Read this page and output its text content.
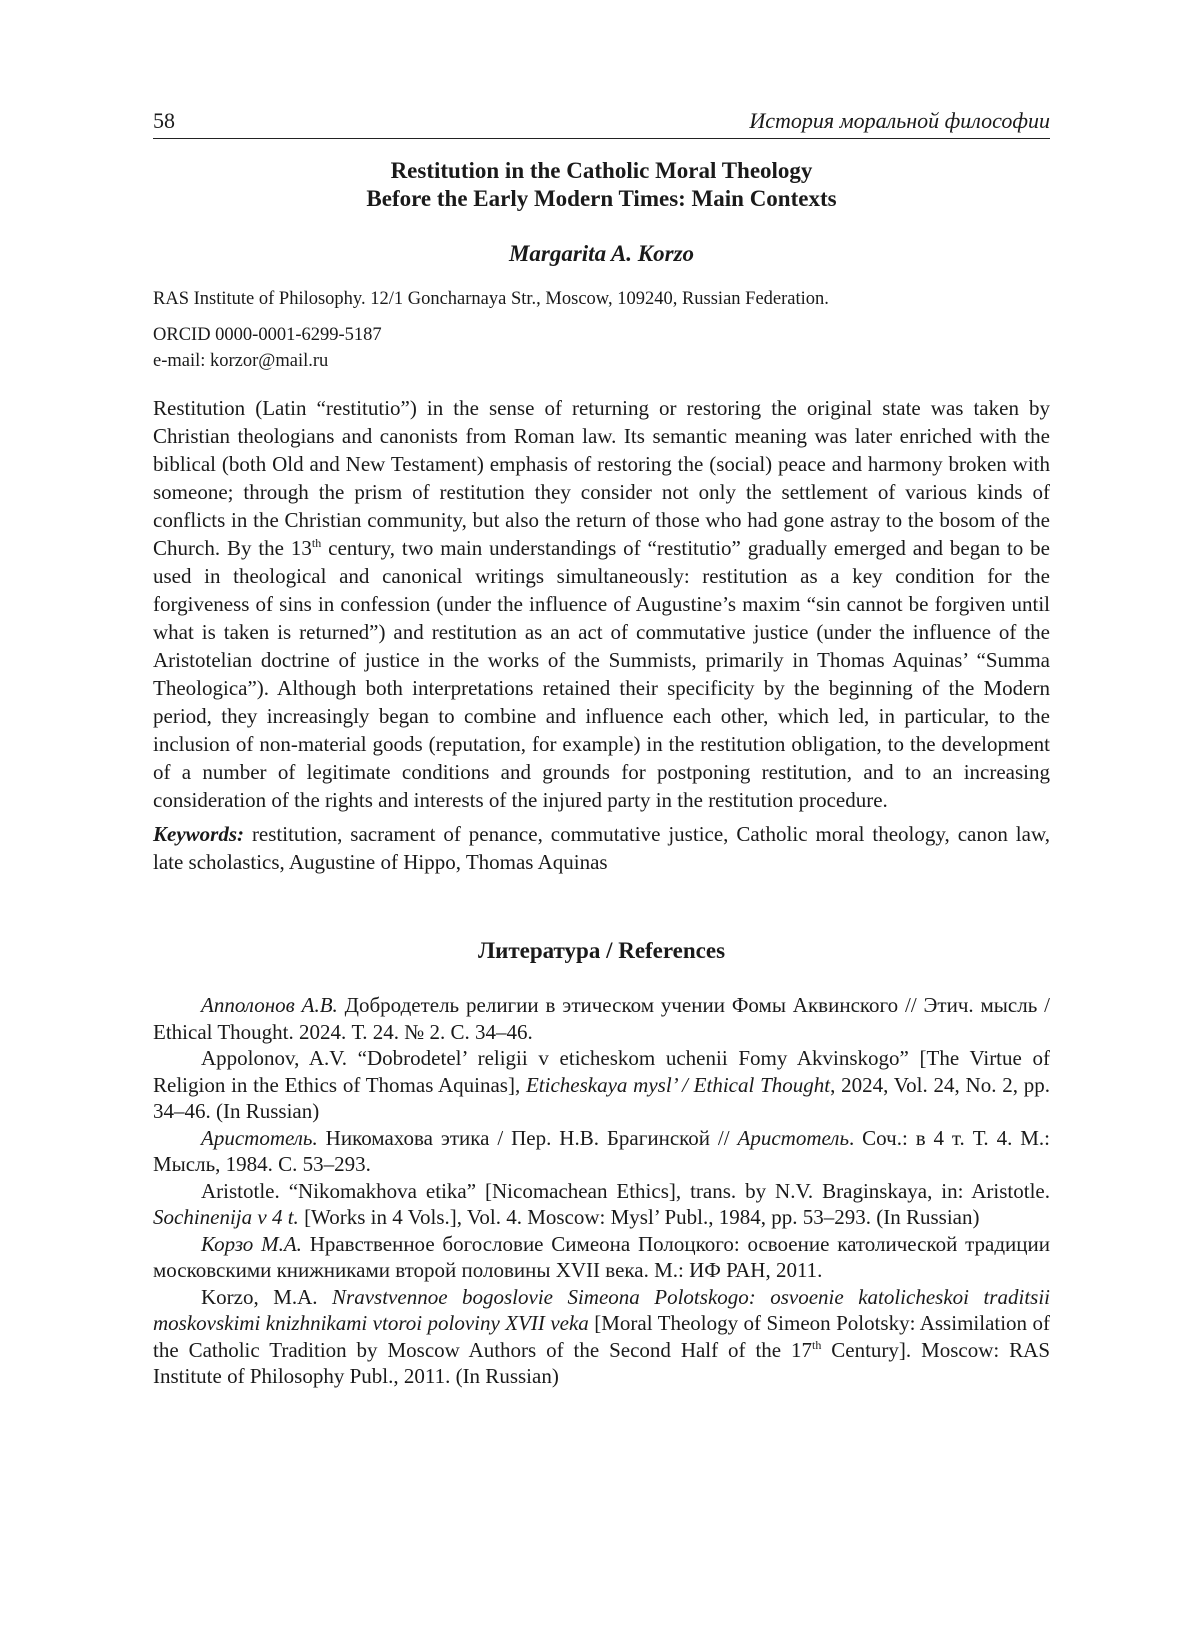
58	История моральной философии
Restitution in the Catholic Moral Theology
Before the Early Modern Times: Main Contexts
Margarita A. Korzo
RAS Institute of Philosophy. 12/1 Goncharnaya Str., Moscow, 109240, Russian Federation.
ORCID 0000-0001-6299-5187
e-mail: korzor@mail.ru

Restitution (Latin “restitutio”) in the sense of returning or restoring the original state was taken by Christian theologians and canonists from Roman law. Its semantic meaning was later enriched with the biblical (both Old and New Testament) emphasis of restoring the (social) peace and harmony broken with someone; through the prism of restitution they consider not only the settlement of various kinds of conflicts in the Christian community, but also the return of those who had gone astray to the bosom of the Church. By the 13th century, two main understandings of “restitutio” gradually emerged and began to be used in theological and canonical writings simultaneously: restitution as a key condition for the forgiveness of sins in confession (under the influence of Augustine’s maxim “sin cannot be forgiven until what is taken is returned”) and restitution as an act of commutative justice (under the influence of the Aristotelian doctrine of justice in the works of the Summists, primarily in Thomas Aquinas’ “Summa Theologica”). Although both interpretations retained their specificity by the beginning of the Modern period, they increasingly began to combine and influence each other, which led, in particular, to the inclusion of non-material goods (reputation, for example) in the restitution obligation, to the development of a number of legitimate conditions and grounds for postponing restitution, and to an increasing consideration of the rights and interests of the injured party in the restitution procedure.

Keywords: restitution, sacrament of penance, commutative justice, Catholic moral theology, canon law, late scholastics, Augustine of Hippo, Thomas Aquinas

Литература / References
Апполонов А.В. Добродетель религии в этическом учении Фомы Аквинского // Этич. мысль / Ethical Thought. 2024. Т. 24. № 2. С. 34–46.
Appolonov, A.V. “Dobrodetel’ religii v eticheskom uchenii Fomy Akvinskogo” [The Virtue of Religion in the Ethics of Thomas Aquinas], Eticheskaya mysl’ / Ethical Thought, 2024, Vol. 24, No. 2, pp. 34–46. (In Russian)
Аристотель. Никомахова этика / Пер. Н.В. Брагинской // Аристотель. Соч.: в 4 т. Т. 4. М.: Мысль, 1984. С. 53–293.
Aristotle. “Nikomakhova etika” [Nicomachean Ethics], trans. by N.V. Braginskaya, in: Aristotle. Sochinenija v 4 t. [Works in 4 Vols.], Vol. 4. Moscow: Mysl’ Publ., 1984, pp. 53–293. (In Russian)
Корзо М.А. Нравственное богословие Симеона Полоцкого: освоение католической традиции московскими книжниками второй половины XVII века. М.: ИФ РАН, 2011.
Korzo, M.A. Nravstvennoe bogoslovie Simeona Polotskogo: osvoenie katolicheskoi traditsii moskovskimi knizhnikami vtoroi poloviny XVII veka [Moral Theology of Simeon Polotsky: Assimilation of the Catholic Tradition by Moscow Authors of the Second Half of the 17th Century]. Moscow: RAS Institute of Philosophy Publ., 2011. (In Russian)
